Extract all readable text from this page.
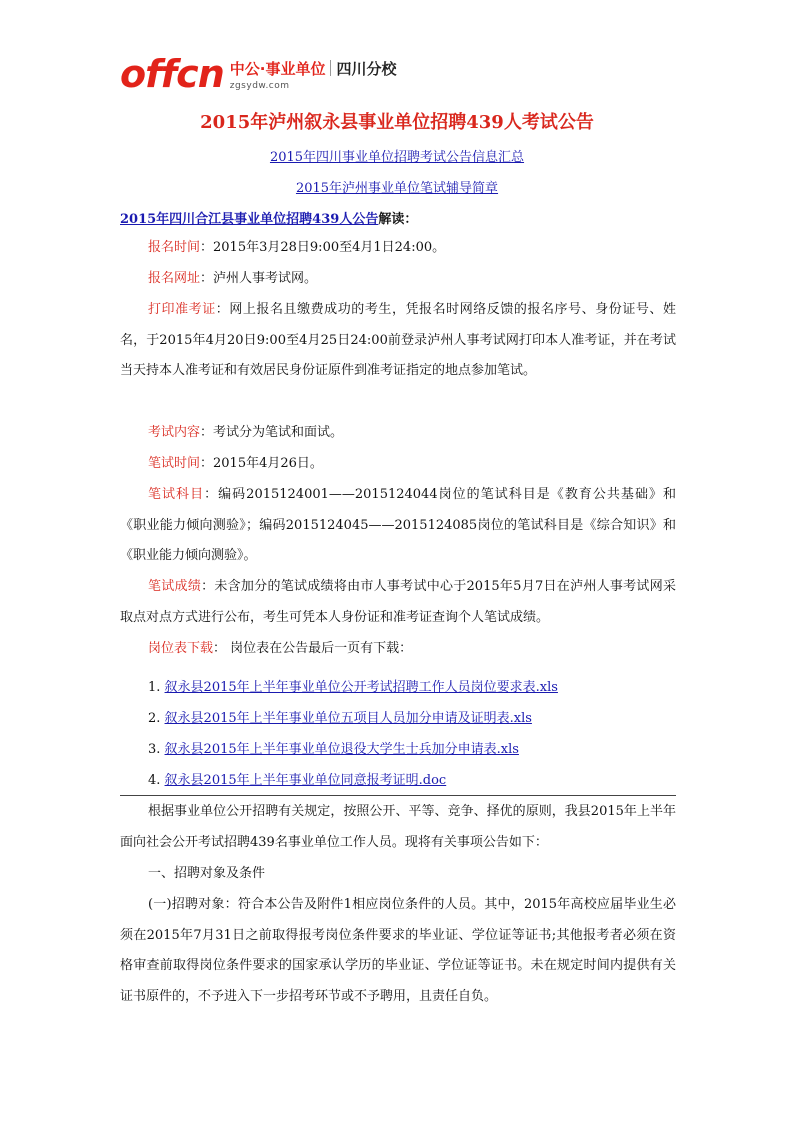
offcn 中公·事业单位 四川分校
zgsydw.com
2015年泸州叙永县事业单位招聘439人考试公告
2015年四川事业单位招聘考试公告信息汇总
2015年泸州事业单位笔试辅导简章
2015年四川合江县事业单位招聘439人公告解读：
报名时间：2015年3月28日9:00至4月1日24:00。
报名网址：泸州人事考试网。
打印准考证：网上报名且缴费成功的考生，凭报名时网络反馈的报名序号、身份证号、姓名，于2015年4月20日9:00至4月25日24:00前登录泸州人事考试网打印本人准考证，并在考试当天持本人准考证和有效居民身份证原件到准考证指定的地点参加笔试。
考试内容：考试分为笔试和面试。
笔试时间：2015年4月26日。
笔试科目：编码2015124001——2015124044岗位的笔试科目是《教育公共基础》和《职业能力倾向测验》；编码2015124045——2015124085岗位的笔试科目是《综合知识》和《职业能力倾向测验》。
笔试成绩：未含加分的笔试成绩将由市人事考试中心于2015年5月7日在泸州人事考试网采取点对点方式进行公布，考生可凭本人身份证和准考证查询个人笔试成绩。
岗位表下载： 岗位表在公告最后一页有下载：
1. 叙永县2015年上半年事业单位公开考试招聘工作人员岗位要求表.xls
2. 叙永县2015年上半年事业单位五项目人员加分申请及证明表.xls
3. 叙永县2015年上半年事业单位退役大学生士兵加分申请表.xls
4. 叙永县2015年上半年事业单位同意报考证明.doc
根据事业单位公开招聘有关规定，按照公开、平等、竞争、择优的原则，我县2015年上半年面向社会公开考试招聘439名事业单位工作人员。现将有关事项公告如下：
一、招聘对象及条件
(一)招聘对象：符合本公告及附件1相应岗位条件的人员。其中，2015年高校应届毕业生必须在2015年7月31日之前取得报考岗位条件要求的毕业证、学位证等证书;其他报考者必须在资格审查前取得岗位条件要求的国家承认学历的毕业证、学位证等证书。未在规定时间内提供有关证书原件的，不予进入下一步招考环节或不予聘用，且责任自负。
